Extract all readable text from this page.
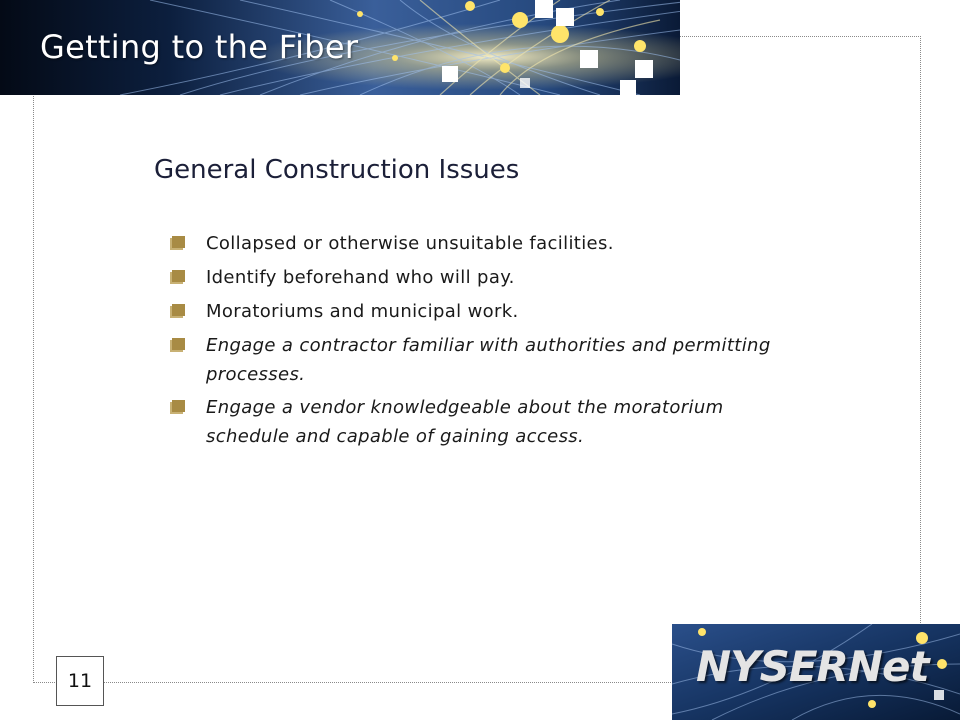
Getting to the Fiber
General Construction Issues
Collapsed or otherwise unsuitable facilities.
Identify beforehand who will pay.
Moratoriums and municipal work.
Engage a contractor familiar with authorities and permitting processes.
Engage a vendor knowledgeable about the moratorium schedule and capable of gaining access.
11	NYSERNet
